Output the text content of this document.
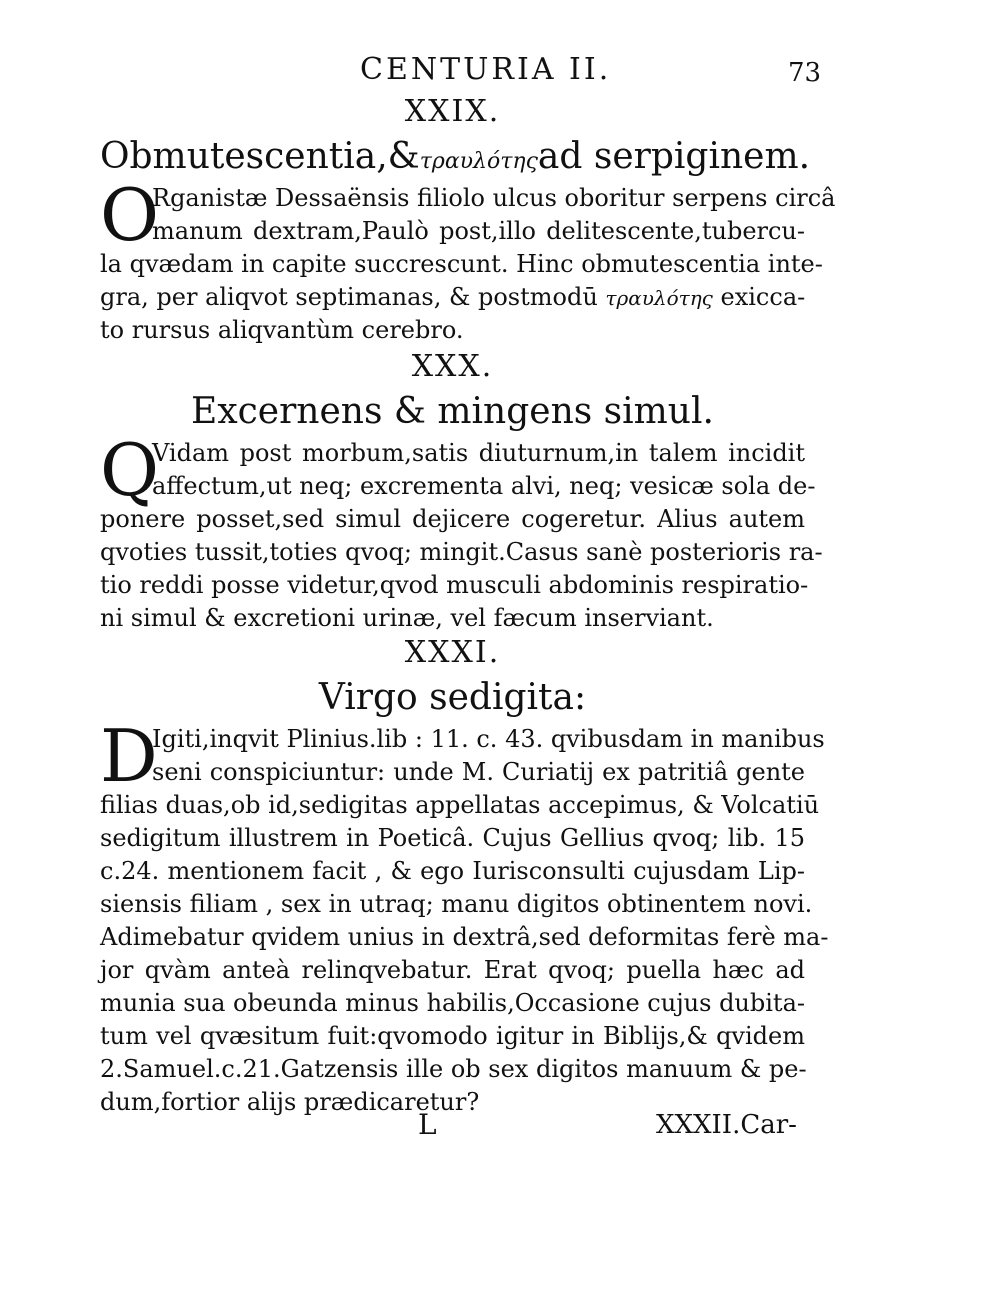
CENTURIA II.	73
XXIX.
Obmutescentia,&τραυλότηςad serpiginem.
O
Rganistæ Dessaënsis filiolo ulcus oboritur serpens circâ
manum dextram,Paulò post,illo delitescente,tubercu-
la qvædam in capite succrescunt. Hinc obmutescentia inte-
gra, per aliqvot septimanas, & postmodū τραυλότης exicca-
to rursus aliqvantùm cerebro.
XXX.
Excernens & mingens simul.
Q
Vidam post morbum,satis diuturnum,in talem incidit
affectum,ut neq; excrementa alvi, neq; vesicæ sola de-
ponere posset,sed simul dejicere cogeretur. Alius autem
qvoties tussit,toties qvoq; mingit.Casus sanè posterioris ra-
tio reddi posse videtur,qvod musculi abdominis respiratio-
ni simul & excretioni urinæ, vel fæcum inserviant.
XXXI.
Virgo sedigita:
D
Igiti,inqvit Plinius.lib : 11. c. 43. qvibusdam in manibus
seni conspiciuntur: unde M. Curiatij ex patritiâ gente
filias duas,ob id,sedigitas appellatas accepimus, & Volcatiū
sedigitum illustrem in Poeticâ. Cujus Gellius qvoq; lib. 15
c.24. mentionem facit , & ego Iurisconsulti cujusdam Lip-
siensis filiam , sex in utraq; manu digitos obtinentem novi.
Adimebatur qvidem unius in dextrâ,sed deformitas ferè ma-
jor qvàm anteà relinqvebatur. Erat qvoq; puella hæc ad
munia sua obeunda minus habilis,Occasione cujus dubita-
tum vel qvæsitum fuit:qvomodo igitur in Biblijs,& qvidem
2.Samuel.c.21.Gatzensis ille ob sex digitos manuum & pe-
dum,fortior alijs prædicaretur?
L	XXXII.Car-
